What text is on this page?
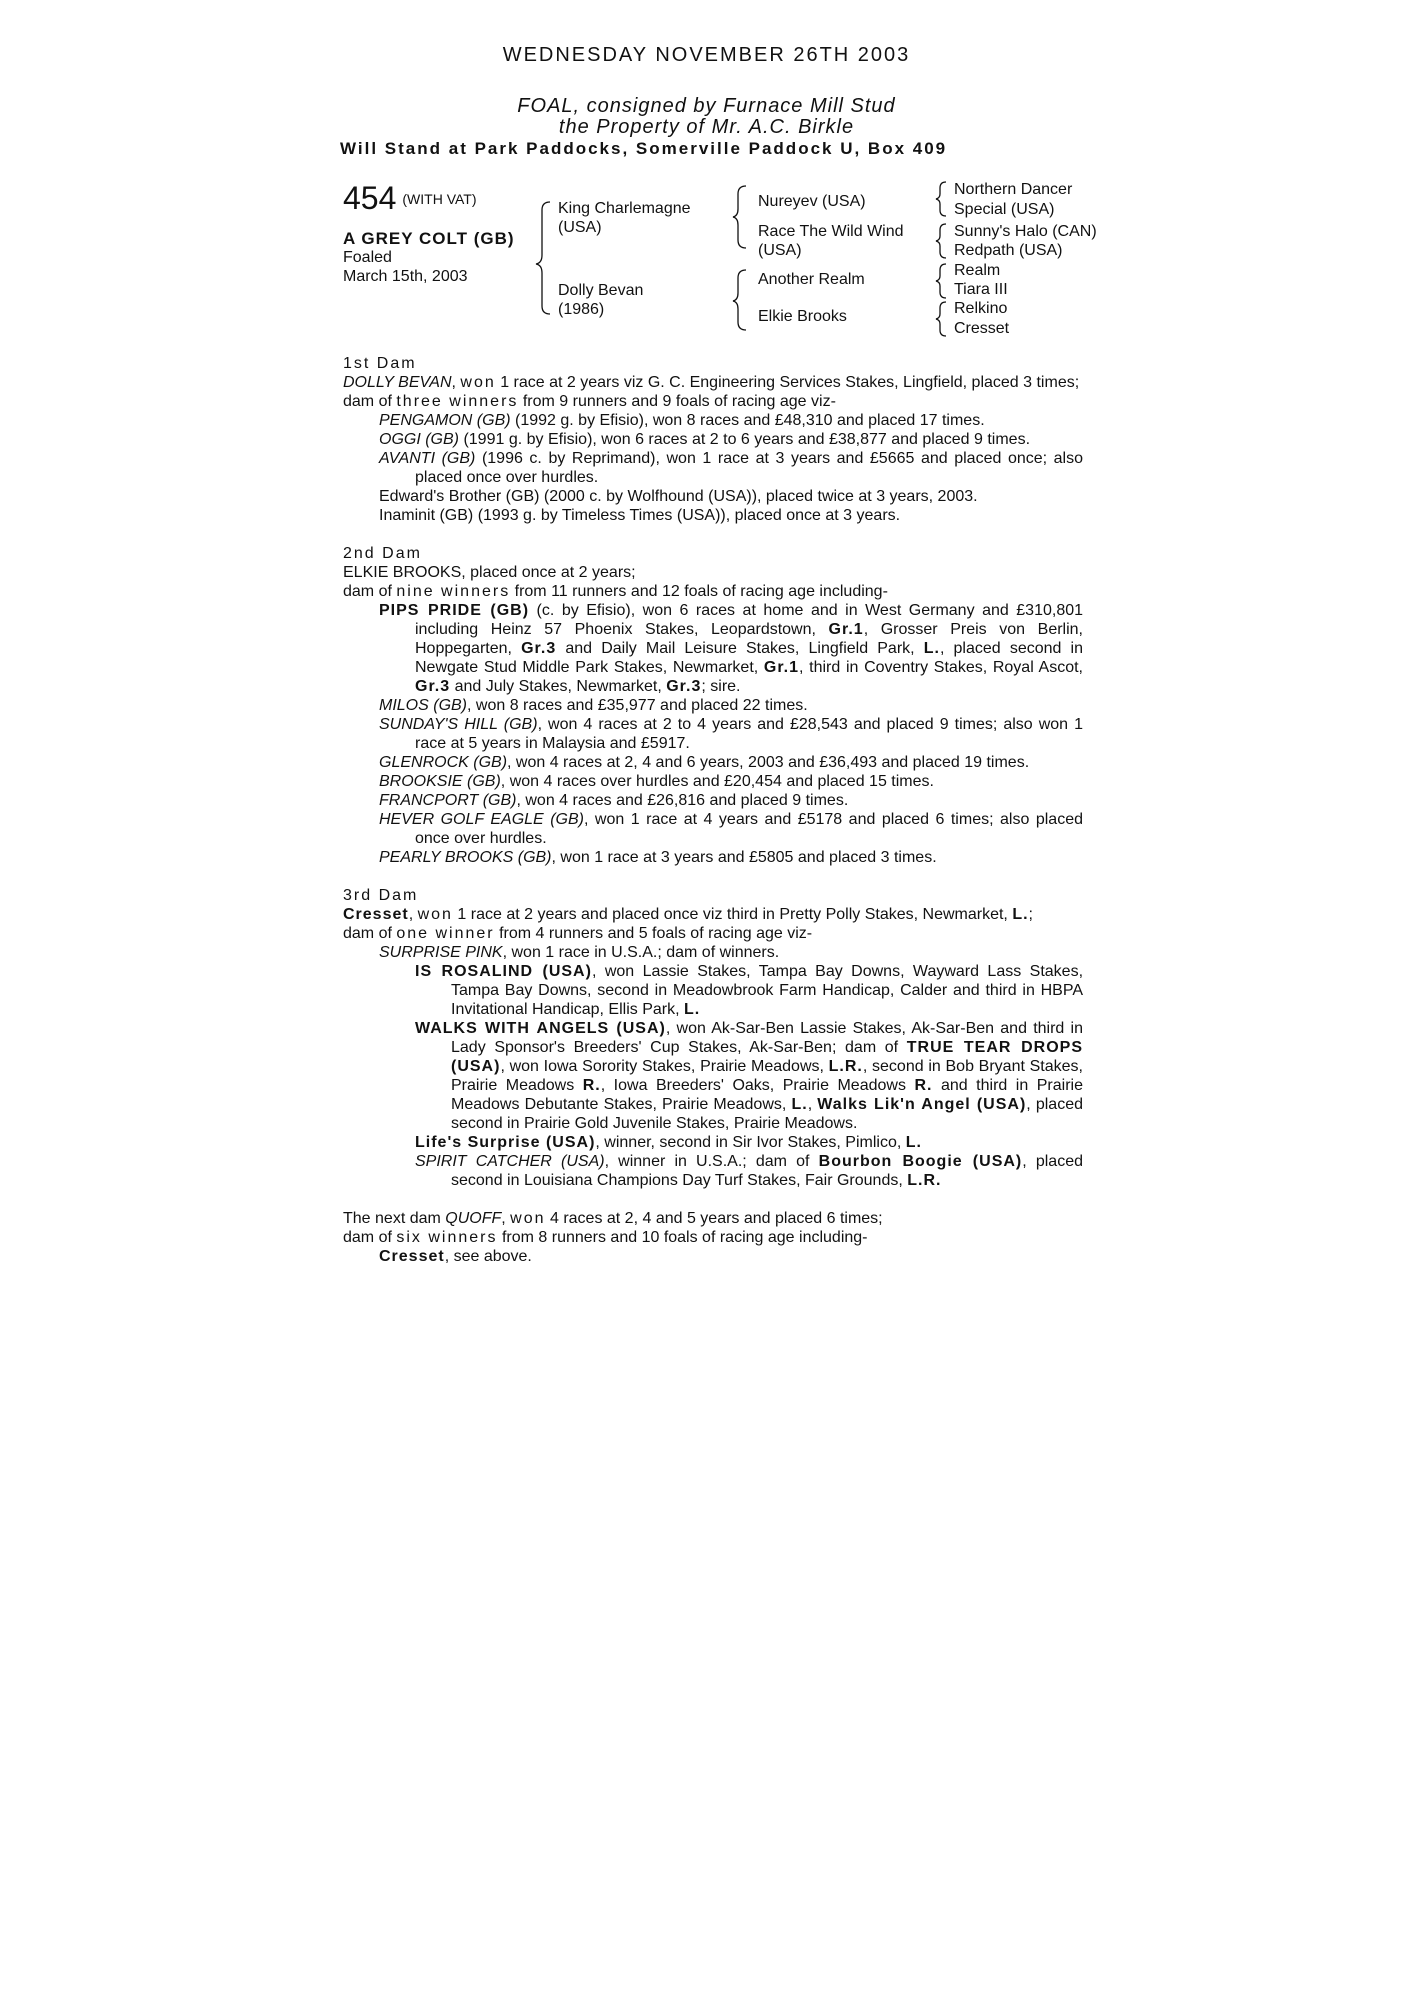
WEDNESDAY NOVEMBER 26TH 2003
FOAL, consigned by Furnace Mill Stud
the Property of Mr. A.C. Birkle
Will Stand at Park Paddocks, Somerville Paddock U, Box 409
454 (WITH VAT)
A GREY COLT (GB)
Foaled
March 15th, 2003
King Charlemagne
(USA)
Dolly Bevan
(1986)
Nureyev (USA)
Race The Wild Wind
(USA)
Another Realm
Elkie Brooks
Northern Dancer
Special (USA)
Sunny's Halo (CAN)
Redpath (USA)
Realm
Tiara III
Relkino
Cresset

1st Dam

DOLLY BEVAN, won 1 race at 2 years viz G. C. Engineering Services Stakes, Lingfield, placed 3 times;

dam of three winners from 9 runners and 9 foals of racing age viz-

PENGAMON (GB) (1992 g. by Efisio), won 8 races and £48,310 and placed 17 times.

OGGI (GB) (1991 g. by Efisio), won 6 races at 2 to 6 years and £38,877 and placed 9 times.

AVANTI (GB) (1996 c. by Reprimand), won 1 race at 3 years and £5665 and placed once; also placed once over hurdles.

Edward's Brother (GB) (2000 c. by Wolfhound (USA)), placed twice at 3 years, 2003.

Inaminit (GB) (1993 g. by Timeless Times (USA)), placed once at 3 years.

2nd Dam

ELKIE BROOKS, placed once at 2 years;

dam of nine winners from 11 runners and 12 foals of racing age including-

PIPS PRIDE (GB) (c. by Efisio), won 6 races at home and in West Germany and £310,801 including Heinz 57 Phoenix Stakes, Leopardstown, Gr.1, Grosser Preis von Berlin, Hoppegarten, Gr.3 and Daily Mail Leisure Stakes, Lingfield Park, L., placed second in Newgate Stud Middle Park Stakes, Newmarket, Gr.1, third in Coventry Stakes, Royal Ascot, Gr.3 and July Stakes, Newmarket, Gr.3; sire.

MILOS (GB), won 8 races and £35,977 and placed 22 times.

SUNDAY'S HILL (GB), won 4 races at 2 to 4 years and £28,543 and placed 9 times; also won 1 race at 5 years in Malaysia and £5917.

GLENROCK (GB), won 4 races at 2, 4 and 6 years, 2003 and £36,493 and placed 19 times.

BROOKSIE (GB), won 4 races over hurdles and £20,454 and placed 15 times.

FRANCPORT (GB), won 4 races and £26,816 and placed 9 times.

HEVER GOLF EAGLE (GB), won 1 race at 4 years and £5178 and placed 6 times; also placed once over hurdles.

PEARLY BROOKS (GB), won 1 race at 3 years and £5805 and placed 3 times.

3rd Dam

Cresset, won 1 race at 2 years and placed once viz third in Pretty Polly Stakes, Newmarket, L.;

dam of one winner from 4 runners and 5 foals of racing age viz-

SURPRISE PINK, won 1 race in U.S.A.; dam of winners.

IS ROSALIND (USA), won Lassie Stakes, Tampa Bay Downs, Wayward Lass Stakes, Tampa Bay Downs, second in Meadowbrook Farm Handicap, Calder and third in HBPA Invitational Handicap, Ellis Park, L.

WALKS WITH ANGELS (USA), won Ak-Sar-Ben Lassie Stakes, Ak-Sar-Ben and third in Lady Sponsor's Breeders' Cup Stakes, Ak-Sar-Ben; dam of TRUE TEAR DROPS (USA), won Iowa Sorority Stakes, Prairie Meadows, L.R., second in Bob Bryant Stakes, Prairie Meadows R., Iowa Breeders' Oaks, Prairie Meadows R. and third in Prairie Meadows Debutante Stakes, Prairie Meadows, L., Walks Lik'n Angel (USA), placed second in Prairie Gold Juvenile Stakes, Prairie Meadows.

Life's Surprise (USA), winner, second in Sir Ivor Stakes, Pimlico, L.

SPIRIT CATCHER (USA), winner in U.S.A.; dam of Bourbon Boogie (USA), placed second in Louisiana Champions Day Turf Stakes, Fair Grounds, L.R.

The next dam QUOFF, won 4 races at 2, 4 and 5 years and placed 6 times;

dam of six winners from 8 runners and 10 foals of racing age including-

Cresset, see above.
